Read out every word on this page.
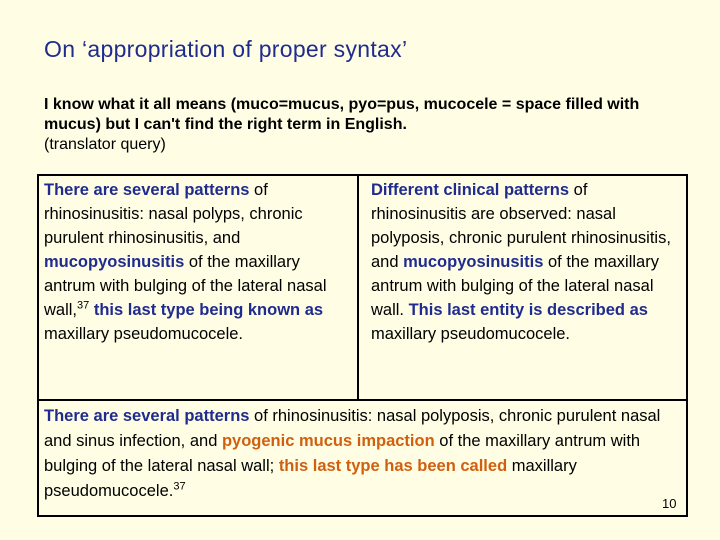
On ‘appropriation of proper syntax’
I know what it all means (muco=mucus, pyo=pus, mucocele = space filled with mucus) but I can't find the right term in English.
(translator query)
There are several patterns of rhinosinusitis: nasal polyps, chronic purulent rhinosinusitis, and mucopyosinusitis of the maxillary antrum with bulging of the lateral nasal wall,$^{37}$ this last type being known as maxillary pseudomucocele.
Different clinical patterns of rhinosinusitis are observed: nasal polyposis, chronic purulent rhinosinusitis, and mucopyosinusitis of the maxillary antrum with bulging of the lateral nasal wall. This last entity is described as maxillary pseudomucocele.
There are several patterns of rhinosinusitis: nasal polyposis, chronic purulent nasal and sinus infection, and pyogenic mucus impaction of the maxillary antrum with bulging of the lateral nasal wall; this last type has been called maxillary pseudomucocele.$^{37}$
10
